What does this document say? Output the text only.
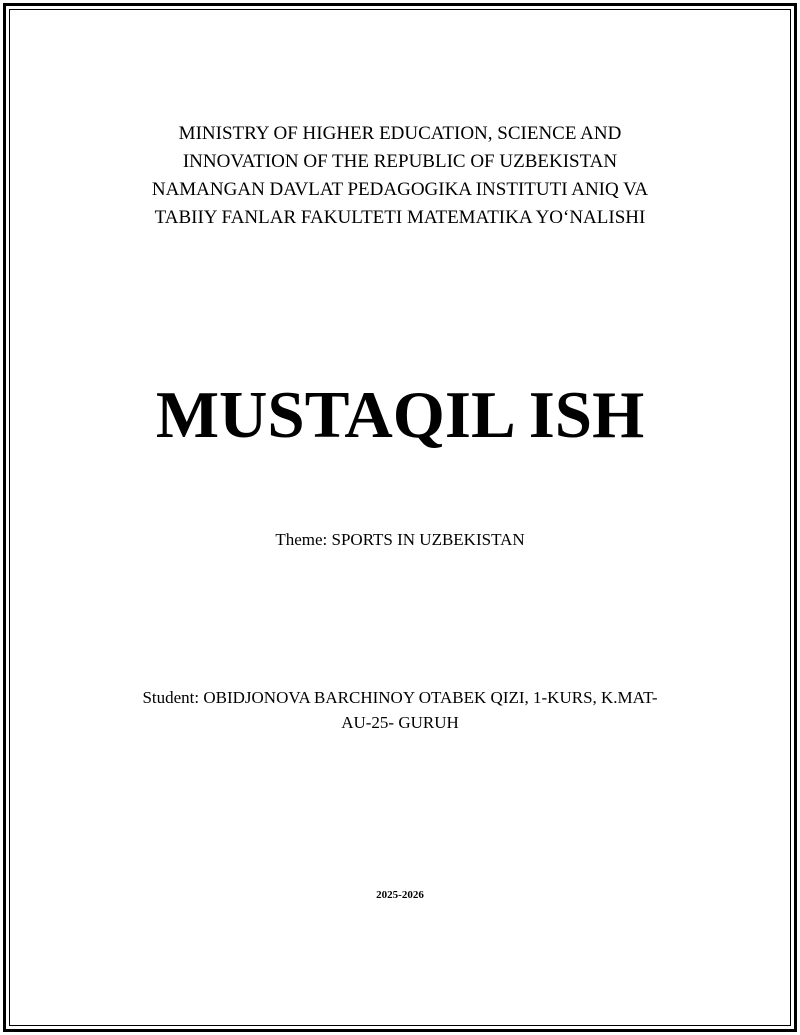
MINISTRY OF HIGHER EDUCATION, SCIENCE AND
INNOVATION OF THE REPUBLIC OF UZBEKISTAN
NAMANGAN DAVLAT PEDAGOGIKA INSTITUTI ANIQ VA
TABIIY FANLAR FAKULTETI MATEMATIKA YO‘NALISHI
MUSTAQIL ISH
Theme: SPORTS IN UZBEKISTAN
Student: OBIDJONOVA BARCHINOY OTABEK QIZI, 1-KURS, K.MAT-
AU-25- GURUH
2025-2026
